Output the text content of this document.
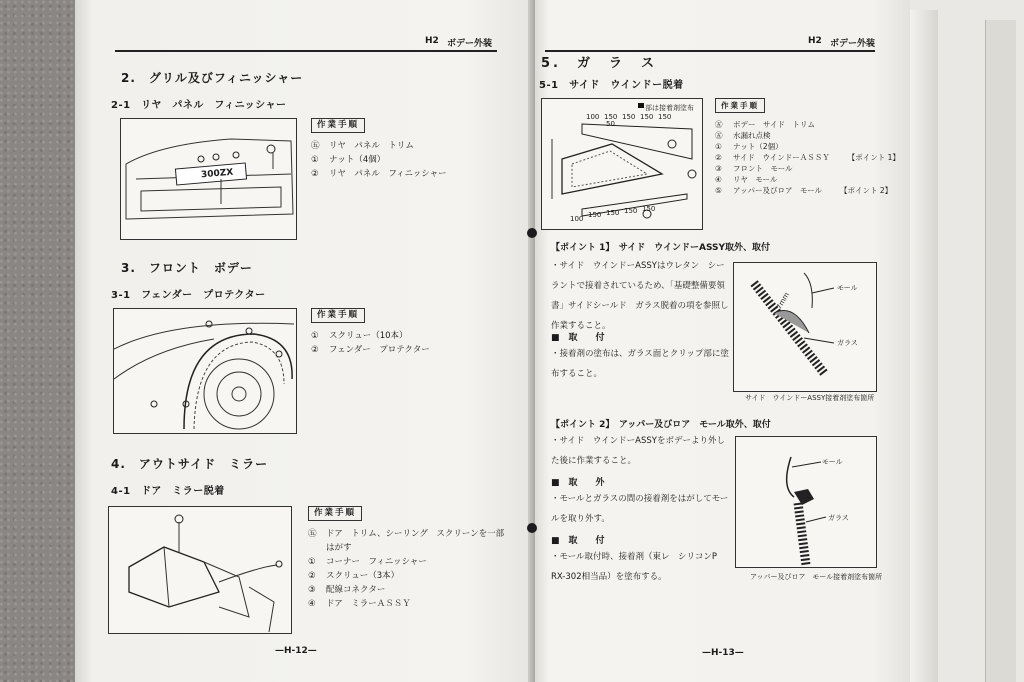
H2 ボデー外装
2.　グリル及びフィニッシャー
2-1　リヤ　パネル　フィニッシャー
300ZX
作業手順
㊄ リヤ　パネル　トリム
① ナット（4個）
② リヤ　パネル　フィニッシャー
3.　フロント　ボデー
3-1　フェンダー　プロテクター
作業手順
① スクリュー（10本）
② フェンダー　プロテクター
4.　アウトサイド　ミラー
4-1　ドア　ミラー脱着
作業手順
㊄ ドア　トリム、シーリング　スクリーンを一部
はがす
① コーナー　フィニッシャー
② スクリュー（3本）
③ 配線コネクター
④ ドア　ミラーＡＳＳＹ
—H-12—
H2 ボデー外装
5.　ガ　ラ　ス
5-1　サイド　ウインドー脱着
部は接着剤塗布
100 150 150 150
50
150
100 150 150 150 150
作業手順
㊄ ボデー　サイド　トリム
㊄ 水漏れ点検
① ナット（2個）
② サイド　ウインドーＡＳＳＹ 【ポイント 1】
③ フロント　モール
④ リヤ　モール
⑤ アッパー及びロア　モール 【ポイント 2】
【ポイント 1】　サイド　ウインドーASSY取外、取付
・サイド　ウインドーASSYはウレタン　シーラントで接着されているため、「基礎整備要領書」サイドシールド　ガラス脱着の項を参照し作業すること。
■　取　　付
・接着剤の塗布は、ガラス面とクリップ部に塗布すること。
7mm
モール
ガラス
サイド　ウインドーASSY接着剤塗布箇所
【ポイント 2】　アッパー及びロア　モール取外、取付
・サイド　ウインドーASSYをボデーより外した後に作業すること。
■　取　　外
・モールとガラスの間の接着剤をはがしてモールを取り外す。
■　取　　付
・モール取付時、接着剤（東レ　シリコンP　RX-302相当品）を塗布する。
モール
ガラス
アッパー及びロア　モール接着剤塗布箇所
—H-13—
